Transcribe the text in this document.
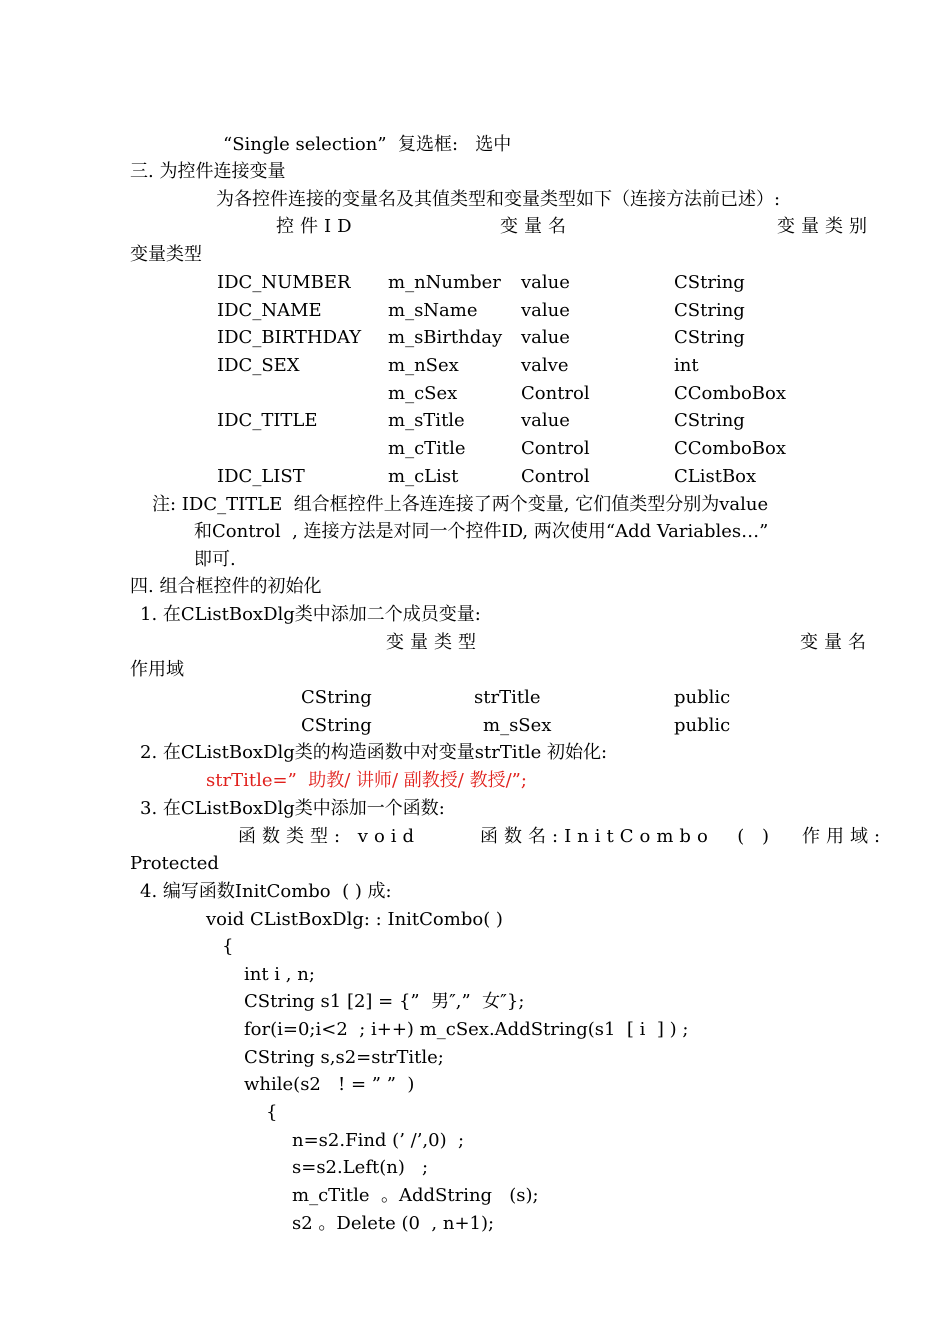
“Single selection”  复选框:   选中
三. 为控件连接变量
为各控件连接的变量名及其值类型和变量类型如下（连接方法前已述）:
控件ID	变量名	变量类别
变量类型
IDC_NUMBER m_nNumber value	CString
IDC_NAME	m_sName value	CString
IDC_BIRTHDAY m_sBirthday value	CString
IDC_SEX	m_nSex	valve	int
m_cSex	Control	CComboBox
IDC_TITLE	m_sTitle	value	CString
m_cTitle	Control	CComboBox
IDC_LIST	m_cList	Control	CListBox
注: IDC_TITLE  组合框控件上各连连接了两个变量, 它们值类型分别为value
和Control  , 连接方法是对同一个控件ID, 两次使用“Add Variables…”
即可.
四. 组合框控件的初始化
1. 在CListBoxDlg类中添加二个成员变量:
变量类型	变量名
作用域
CString	strTitle	public
CString	m_sSex	public
2. 在CListBoxDlg类的构造函数中对变量strTitle 初始化:
strTitle=”  助教/ 讲师/ 副教授/ 教授/”;
3. 在CListBoxDlg类中添加一个函数:
函数类型: void	函数名:InitCombo  ( ) 作用域:
Protected
4. 编写函数InitCombo  ( ) 成:
void CListBoxDlg: : InitCombo( )
{
int i , n;
CString s1 [2] = {”  男″,”  女″};
for(i=0;i<2  ; i++) m_cSex.AddString(s1  [ i  ] ) ;
CString s,s2=strTitle;
while(s2   ! = ” ”  )
{
n=s2.Find (’ /’,0)  ;
s=s2.Left(n)   ;
m_cTitle  。AddString   (s);
s2 。Delete (0  , n+1);
